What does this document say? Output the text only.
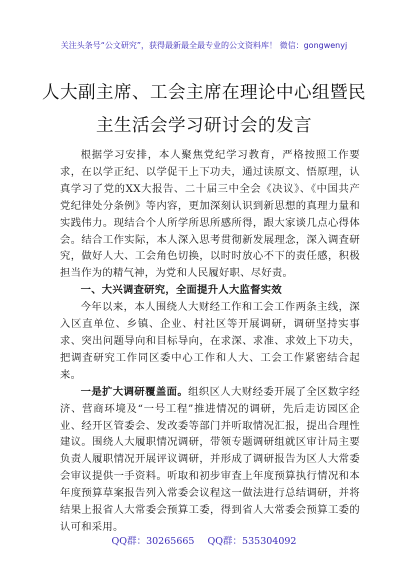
关注头条号“公文研究”，获得最新最全最专业的公文资料库！ 微信：gongwenyj
人大副主席、工会主席在理论中心组暨民
主生活会学习研讨会的发言

根据学习安排，本人聚焦党纪学习教育，严格按照工作要求，在以学正纪、以学促干上下功夫，通过读原文、悟原理，认真学习了党的XX大报告、二十届三中全会《决议》、《中国共产党纪律处分条例》等内容，更加深刻认识到新思想的真理力量和实践伟力。现结合个人所学所思所感所得，跟大家谈几点心得体会。结合工作实际，本人深入思考贯彻新发展理念，深入调査研究，做好人大、工会角色切换，以时时放心不下的责任感，积极担当作为的精气神，为党和人民履好职、尽好责。

一、大兴调査研究，全面提升人大监督实效

今年以来，本人围绕人大财经工作和工会工作两条主线，深入区直单位、乡镇、企业、村社区等开展调研，调研坚持实事求、突出问题导向和目标导向，在求深、求准、求效上下功夫，把调査研究工作同区委中心工作和人大、工会工作紧密结合起来。

一是扩大调研覆盖面。组织区人大财经委开展了全区数字经济、营商环境及“一号工程”推进情况的调研，先后走访园区企业、经开区管委会、发改委等部门并听取情况汇报，提出合理性建议。围绕人大履职情况调研，带领专题调研组就区审计局主要负责人履职情况开展评议调研，并形成了调研报告为区人大常委会审议提供一手资料。听取和初步审査上年度预算执行情况和本年度预算草案报告列入常委会议程这一做法进行总结调研，并将结果上报省人大常委会预算工委，得到省人大常委会预算工委的认可和采用。

QQ群：30265665 QQ群：535304092
